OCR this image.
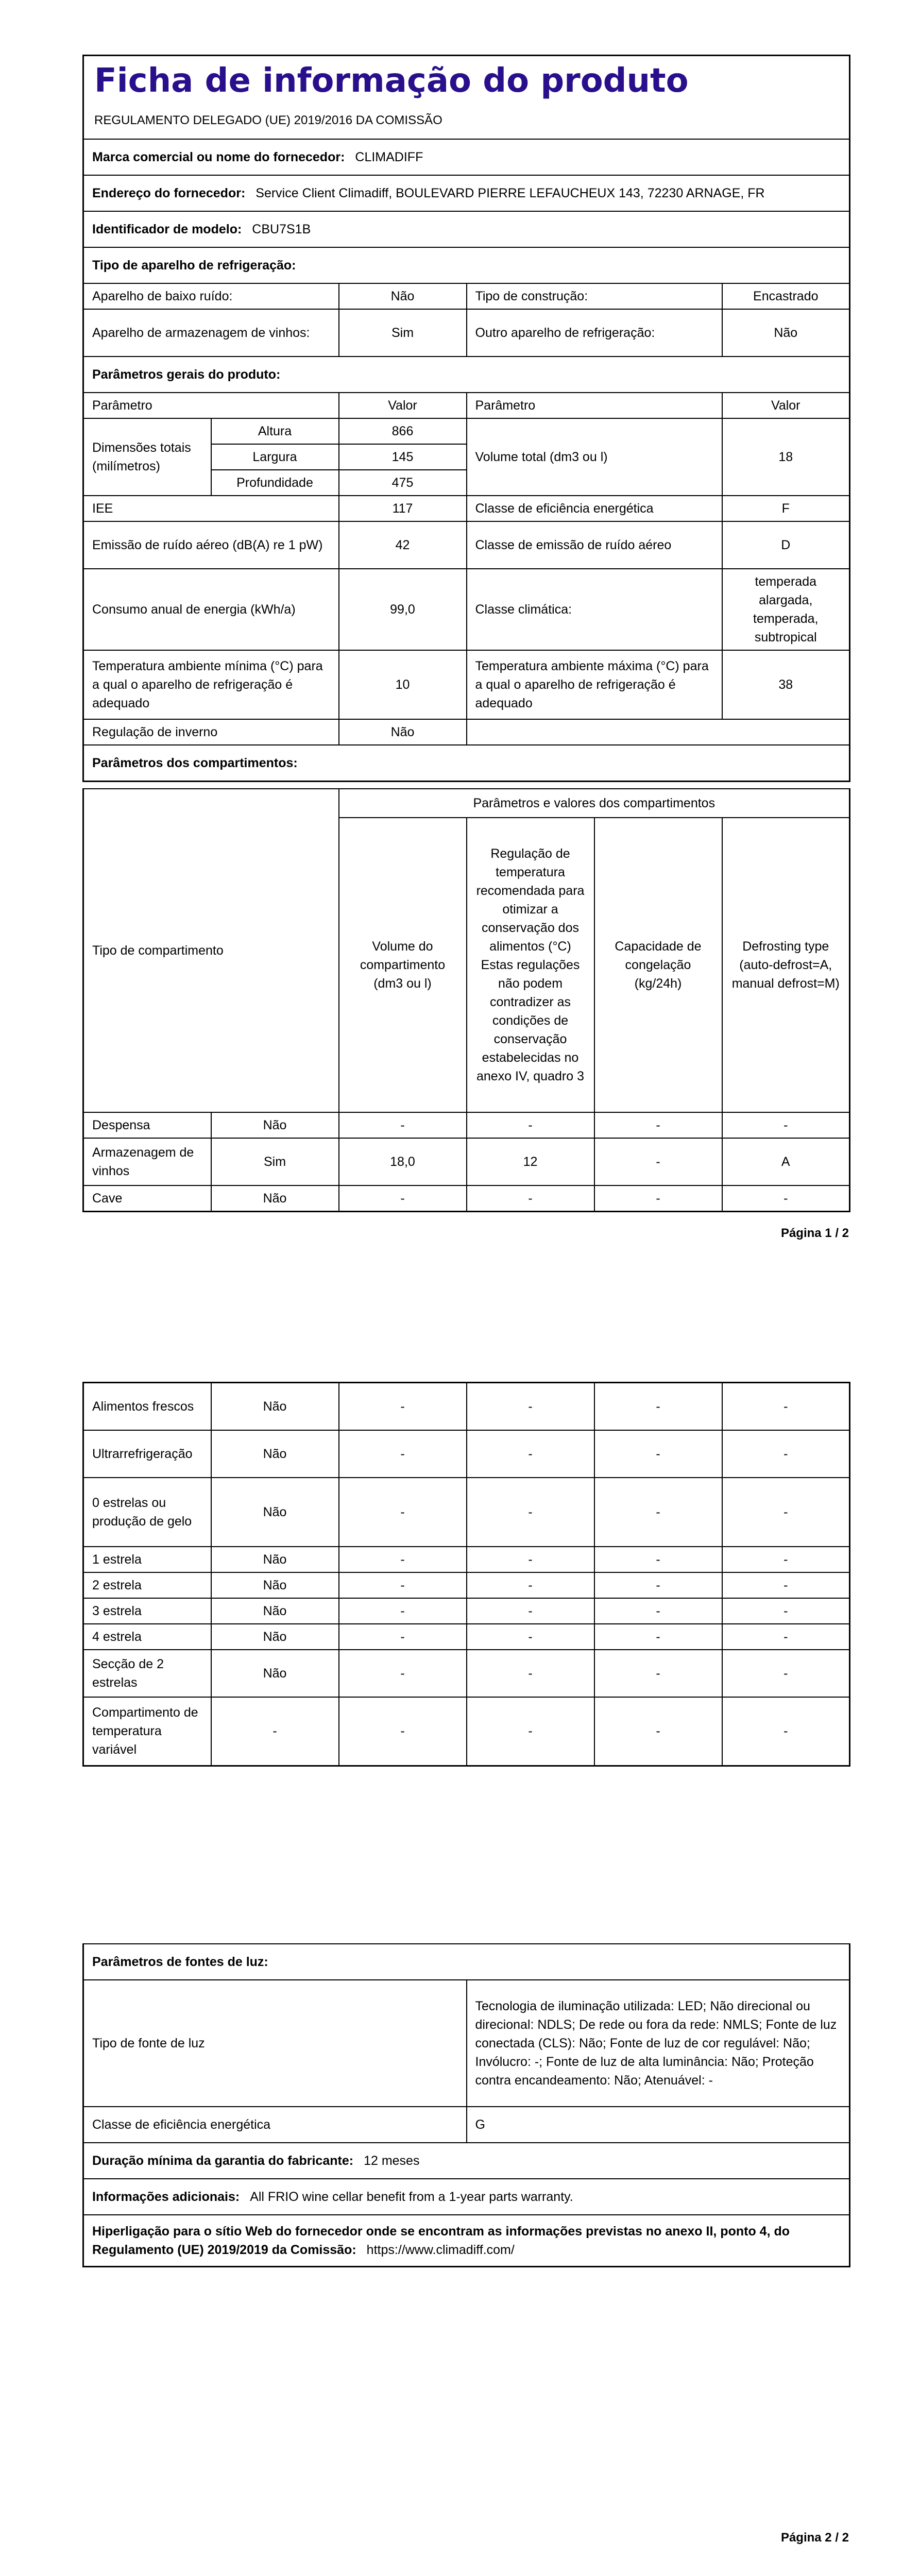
Ficha de informação do produto
REGULAMENTO DELEGADO (UE) 2019/2016 DA COMISSÃO				

Marca comercial ou nome do fornecedor: CLIMADIFF				
Endereço do fornecedor: Service Client Climadiff, BOULEVARD PIERRE LEFAUCHEUX 143, 72230 ARNAGE, FR				
Identificador de modelo: CBU7S1B				
Tipo de aparelho de refrigeração:				
Aparelho de baixo ruído:		Não	Tipo de construção:	Encastrado
Aparelho de armazenagem de vinhos:		Sim	Outro aparelho de refrigeração:	Não
Parâmetros gerais do produto:				
Parâmetro		Valor	Parâmetro	Valor
Dimensões totais (milímetros)	Altura	866	Volume total (dm3 ou l)	18
	Largura	145		
	Profundidade	475		
IEE		117	Classe de eficiência energética	F
Emissão de ruído aéreo (dB(A) re 1 pW)		42	Classe de emissão de ruído aéreo	D
Consumo anual de energia (kWh/a)		99,0	Classe climática:	temperada alargada, temperada, subtropical
Temperatura ambiente mínima (°C) para a qual o aparelho de refrigeração é adequado		10	Temperatura ambiente máxima (°C) para a qual o aparelho de refrigeração é adequado	38
Regulação de inverno		Não		
Parâmetros dos compartimentos:				
Tipo de compartimento		Parâmetros e valores dos compartimentos			
		Volume do compartimento (dm3 ou l)	Regulação de temperatura recomendada para otimizar a conservação dos alimentos (°C) Estas regulações não podem contradizer as condições de conservação estabelecidas no anexo IV, quadro 3	Capacidade de congelação (kg/24h)	Defrosting type (auto-defrost=A, manual defrost=M)
Despensa	Não	-	-	-	-
Armazenagem de vinhos	Sim	18,0	12	-	A
Cave	Não	-	-	-	-
Página 1 / 2
Alimentos frescos	Não	-	-	-	-
Ultrarrefrigeração	Não	-	-	-	-
0 estrelas ou produção de gelo	Não	-	-	-	-
1 estrela	Não	-	-	-	-
2 estrela	Não	-	-	-	-
3 estrela	Não	-	-	-	-
4 estrela	Não	-	-	-	-
Secção de 2 estrelas	Não	-	-	-	-
Compartimento de temperatura variável	-	-	-	-	-
Parâmetros de fontes de luz:	
Tipo de fonte de luz	Tecnologia de iluminação utilizada: LED; Não direcional ou direcional: NDLS; De rede ou fora da rede: NMLS; Fonte de luz conectada (CLS): Não; Fonte de luz de cor regulável: Não; Invólucro: -; Fonte de luz de alta luminância: Não; Proteção contra encandeamento: Não; Atenuável: -
Classe de eficiência energética	G
Duração mínima da garantia do fabricante: 12 meses	
Informações adicionais: All FRIO wine cellar benefit from a 1-year parts warranty.	
Hiperligação para o sítio Web do fornecedor onde se encontram as informações previstas no anexo II, ponto 4, do Regulamento (UE) 2019/2019 da Comissão: https://www.climadiff.com/	
Página 2 / 2
